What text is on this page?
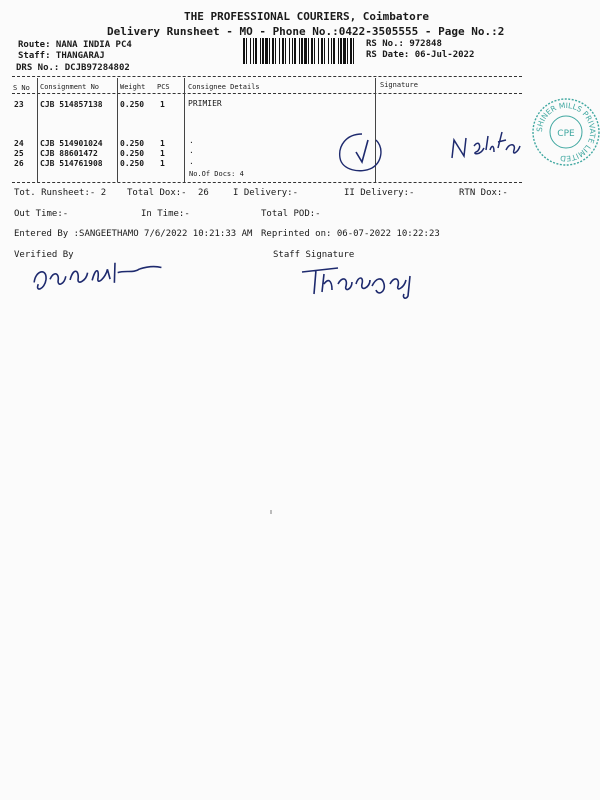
THE PROFESSIONAL COURIERS, Coimbatore
Delivery Runsheet - MO - Phone No.:0422-3505555 - Page No.:2
Route: NANA INDIA PC4
Staff: THANGARAJ
DRS No.: DCJB97284802
RS No.: 972848
RS Date: 06-Jul-2022
S No Consignment No	Weight PCS	Consignee Details	Signature
23 CJB 514857138 0.250 1	PRIMIER
24 CJB 514901024 0.250 1	.
25 CJB 88601472	0.250 1	.
26 CJB 514761908 0.250 1	.
No.Of Docs: 4
Tot. Runsheet:- 2 Total Dox:- 26	I Delivery:-	II Delivery:-	RTN Dox:-
Out Time:-	In Time:-	Total POD:-
Entered By :SANGEETHAMO 7/6/2022 10:21:33 AM Reprinted on: 06-07-2022 10:22:23
Verified By	Staff Signature
SHINER MILLS PRIVATE LIMITED
CPE
